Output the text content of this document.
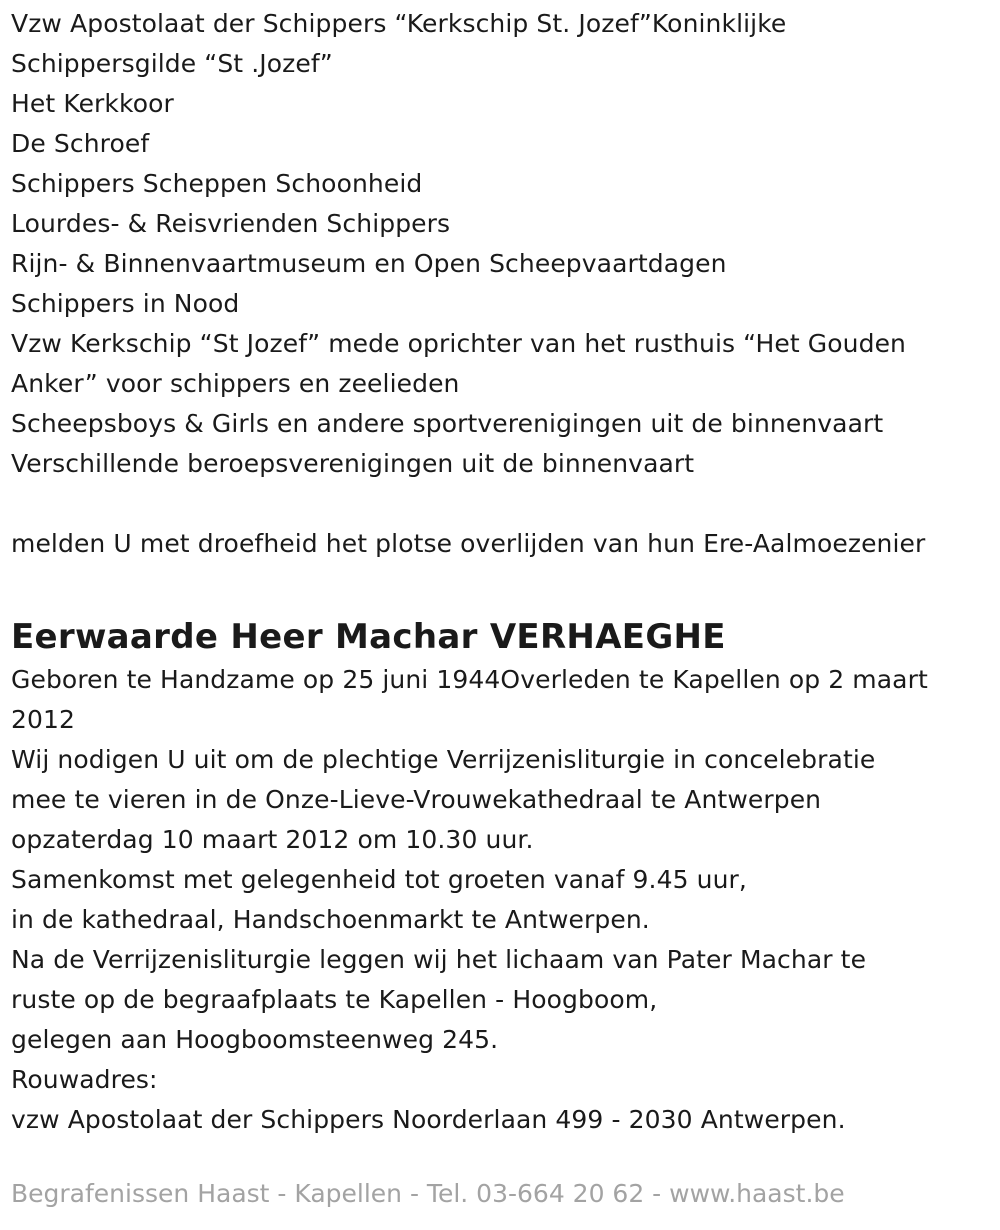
Vzw Apostolaat der Schippers “Kerkschip St. Jozef”Koninklijke

Schippersgilde “St .Jozef”

Het Kerkkoor

De Schroef

Schippers Scheppen Schoonheid

Lourdes- & Reisvrienden Schippers

Rijn- & Binnenvaartmuseum en Open Scheepvaartdagen

Schippers in Nood

Vzw Kerkschip “St Jozef” mede oprichter van het rusthuis “Het Gouden

Anker” voor schippers en zeelieden

Scheepsboys & Girls en andere sportverenigingen uit de binnenvaart

Verschillende beroepsverenigingen uit de binnenvaart

melden U met droefheid het plotse overlijden van hun Ere-Aalmoezenier

Eerwaarde Heer Machar VERHAEGHE

Geboren te Handzame op 25 juni 1944Overleden te Kapellen op 2 maart 2012

Wij nodigen U uit om de plechtige Verrijzenisliturgie in concelebratie

mee te vieren in de Onze-Lieve-Vrouwekathedraal te Antwerpen

opzaterdag 10 maart 2012 om 10.30 uur.

Samenkomst met gelegenheid tot groeten vanaf 9.45 uur,

in de kathedraal, Handschoenmarkt te Antwerpen.

Na de Verrijzenisliturgie leggen wij het lichaam van Pater Machar te

ruste op de begraafplaats te Kapellen - Hoogboom,

gelegen aan Hoogboomsteenweg 245.

Rouwadres:

vzw Apostolaat der Schippers Noorderlaan 499 - 2030 Antwerpen.

Begrafenissen Haast - Kapellen - Tel. 03-664 20 62 - www.haast.be
